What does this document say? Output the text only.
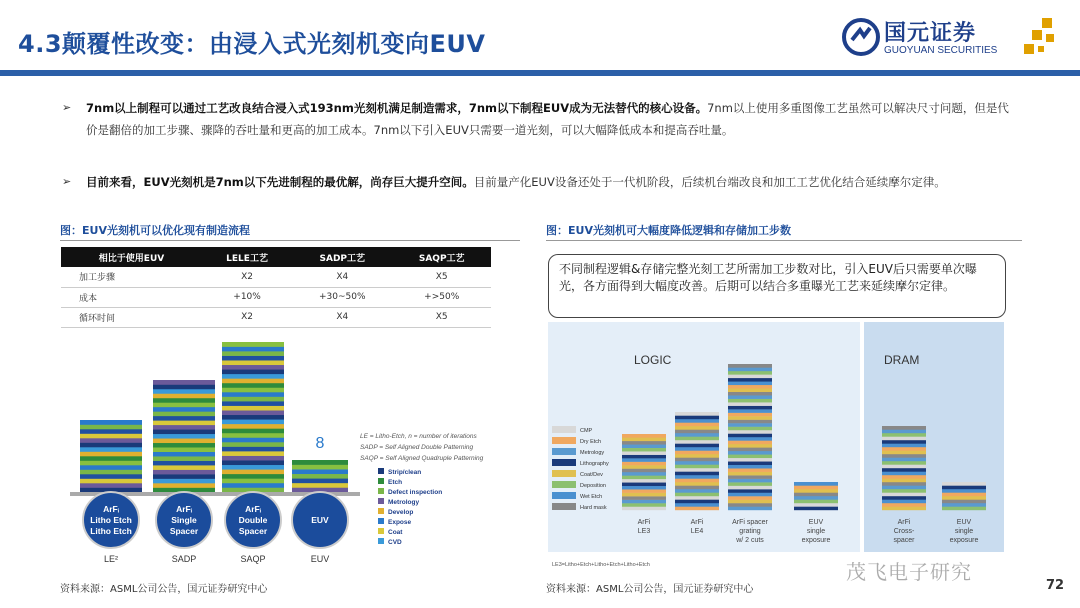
4.3颠覆性改变：由浸入式光刻机变向EUV	国元证券
GUOYUAN SECURITIES
➢ 7nm以上制程可以通过工艺改良结合浸入式193nm光刻机满足制造需求，7nm以下制程EUV成为无法替代的核心设备。7nm以上使用多重图像工艺虽然可以解决尺寸问题，但是代价是翻倍的加工步骤、骤降的吞吐量和更高的加工成本。7nm以下引入EUV只需要一道光刻，可以大幅降低成本和提高吞吐量。
➢ 目前来看，EUV光刻机是7nm以下先进制程的最优解，尚存巨大提升空间。目前量产化EUV设备还处于一代机阶段，后续机台端改良和加工工艺优化结合延续摩尔定律。
图：EUV光刻机可以优化现有制造流程	图：EUV光刻机可大幅度降低逻辑和存储加工步数
相比于使用EUV	LELE工艺	SADP工艺	SAQP工艺
加工步骤	X2	X4	X5
成本	+10%	+30~50%	+>50%
循环时间	X2	X4	X5
8	LE = Litho-Etch, n = number of iterations
SADP = Self Aligned Double Patterning
SAQP = Self Aligned Quadruple Patterning
Strip/clean
Etch
Defect inspection
Metrology
Develop
Expose
Coat
CVD
ArFᵢ
Litho Etch
Litho Etch
LE²
ArFᵢ
Single
Spacer
SADP
ArFᵢ
Double
Spacer
SAQP
EUV
EUV
不同制程逻辑&存储完整光刻工艺所需加工步数对比，引入EUV后只需要单次曝光，各方面得到大幅度改善。后期可以结合多重曝光工艺来延续摩尔定律。
LOGIC	DRAM
CMP
Dry Etch
Metrology
Lithography
Coat/Dev
Deposition
Wet Etch
Hard mask
ArFi
LE3
ArFi
LE4
ArFi spacer
grating
w/ 2 cuts
EUV
single
exposure
ArFi
Cross-
spacer
EUV
single
exposure
LE3=Litho+Etch+Litho+Etch+Litho+Etch
资料来源：ASML公司公告，国元证券研究中心	资料来源：ASML公司公告，国元证券研究中心
茂飞电子研究
72
